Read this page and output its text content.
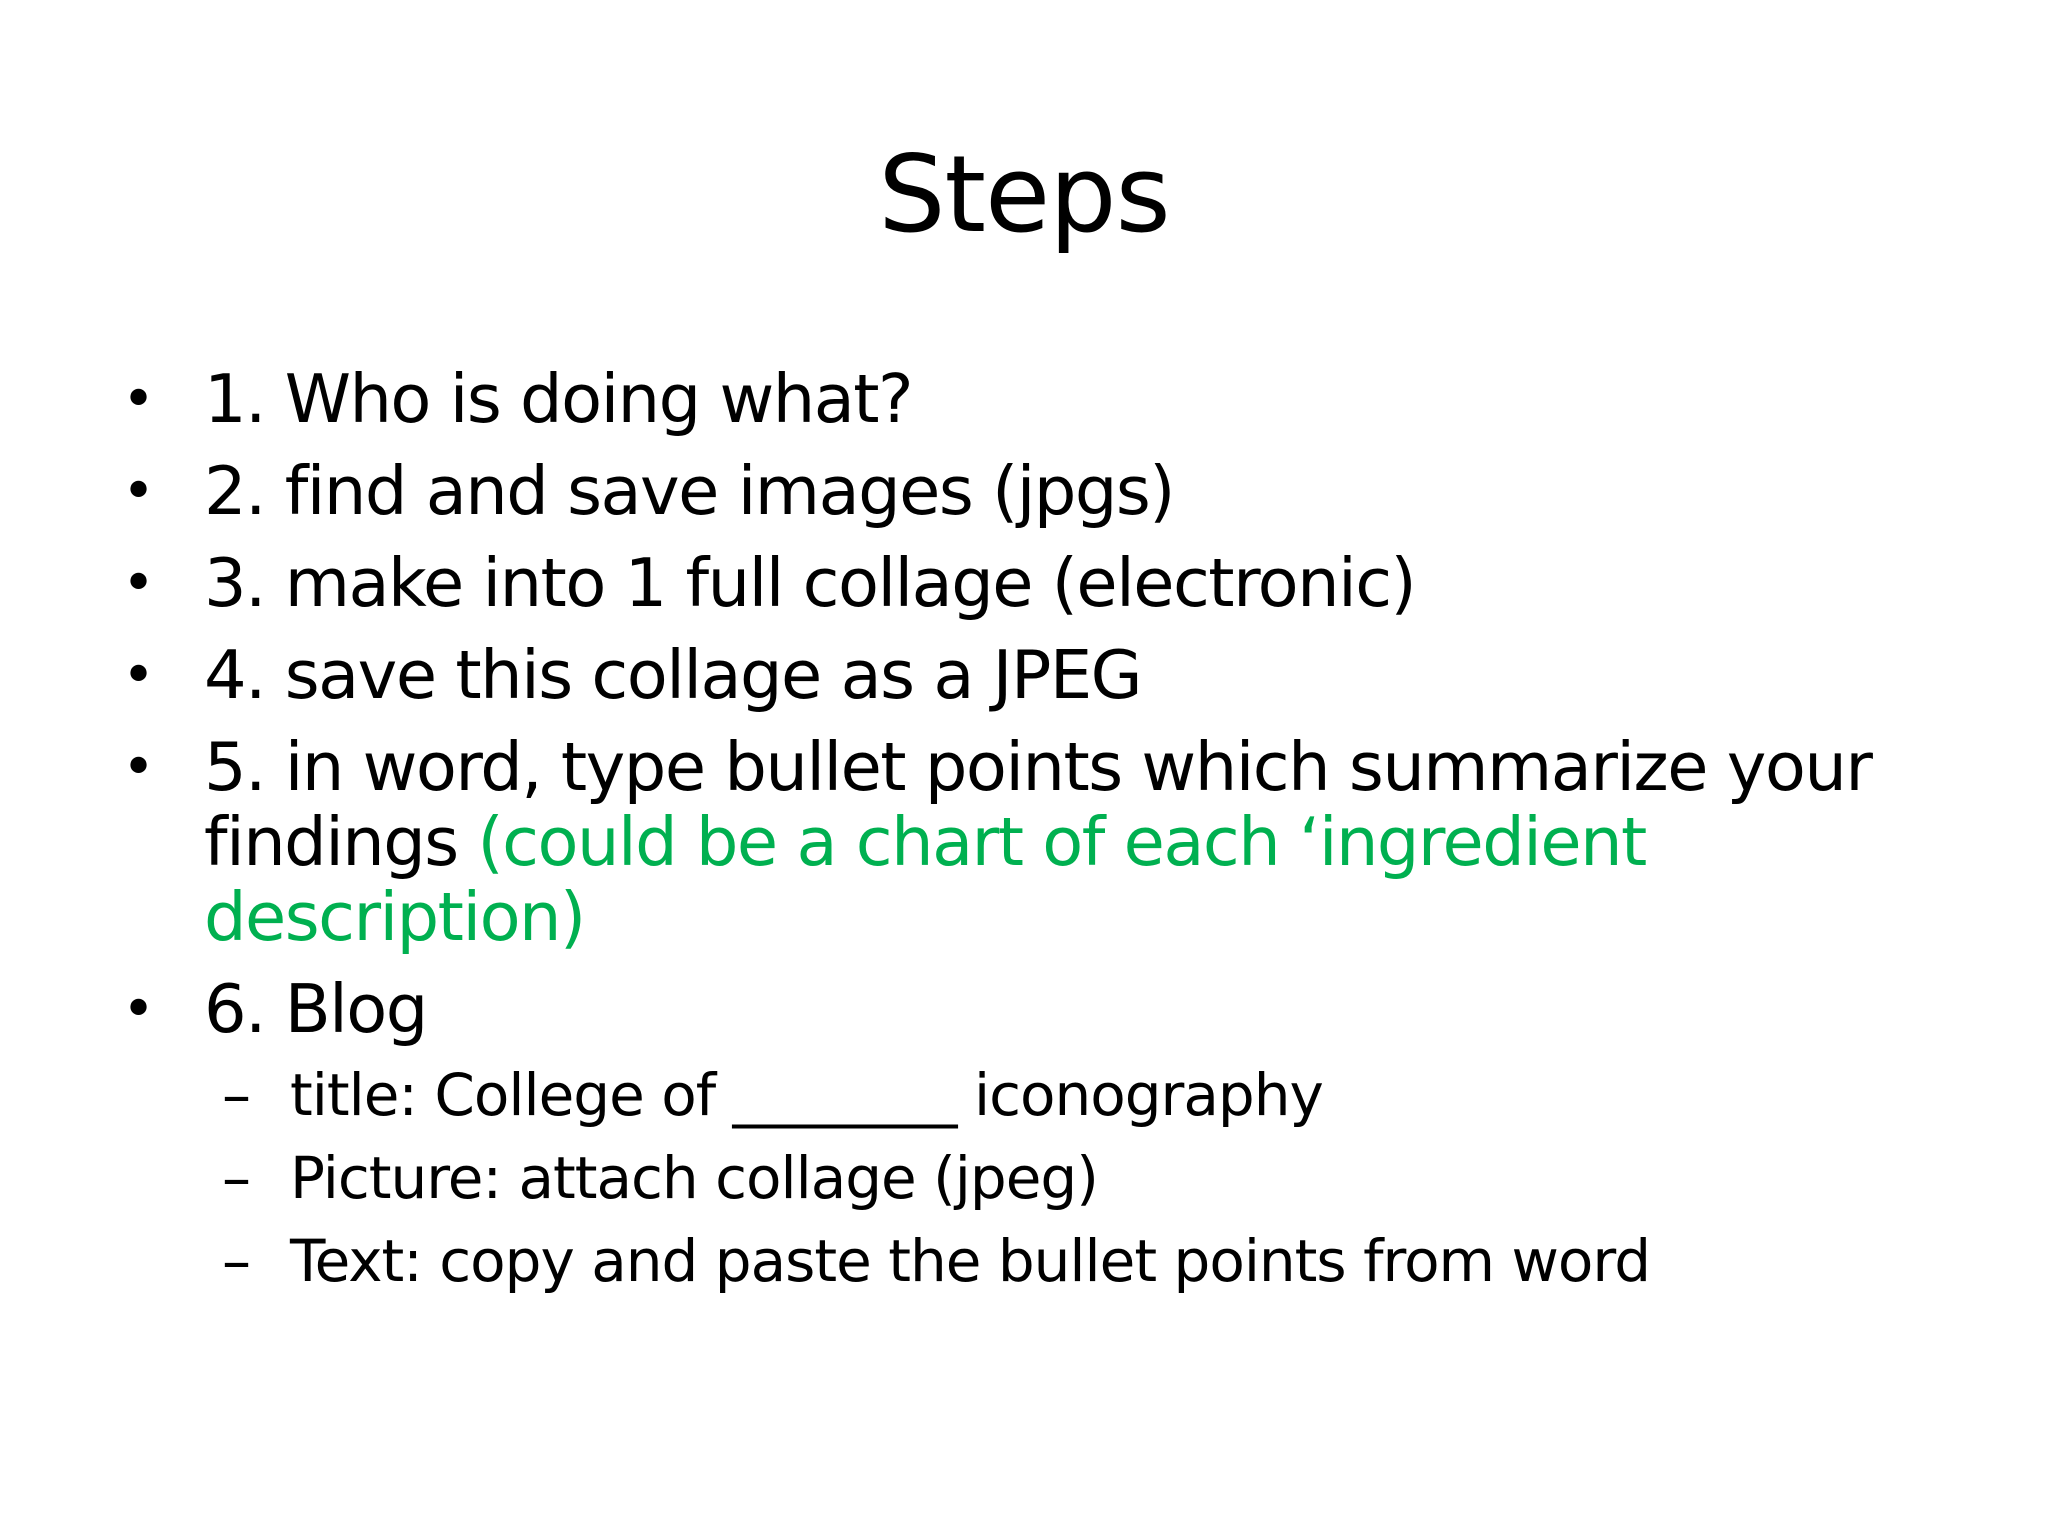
Steps
• 1. Who is doing what?
• 2. find and save images (jpgs)
• 3. make into 1 full collage (electronic)
• 4. save this collage as a JPEG
• 5. in word, type bullet points which summarize your findings (could be a chart of each ‘ingredient description)
• 6. Blog
– title: College of ________ iconography
– Picture: attach collage (jpeg)
– Text: copy and paste the bullet points from word
